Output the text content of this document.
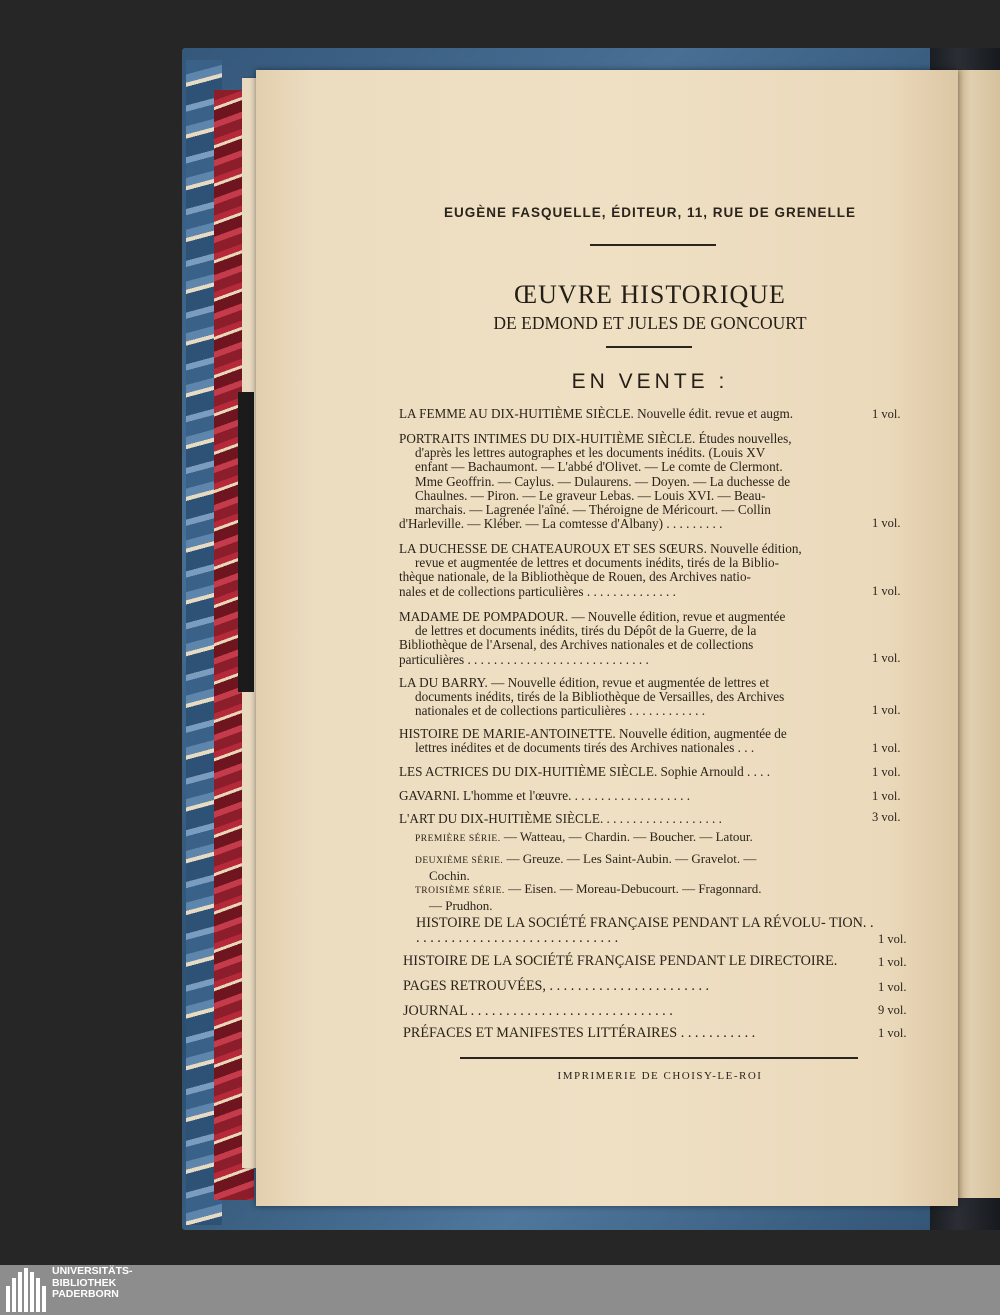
EUGÈNE FASQUELLE, ÉDITEUR, 11, RUE DE GRENELLE
ŒUVRE HISTORIQUE
DE EDMOND ET JULES DE GONCOURT
EN VENTE :
LA FEMME AU DIX-HUITIÈME SIÈCLE. Nouvelle édit. revue et augm.	1 vol.
PORTRAITS INTIMES DU DIX-HUITIÈME SIÈCLE. Études nouvelles,
d'après les lettres autographes et les documents inédits. (Louis XV
enfant — Bachaumont. — L'abbé d'Olivet. — Le comte de Clermont.
Mme Geoffrin. — Caylus. — Dulaurens. — Doyen. — La duchesse de
Chaulnes. — Piron. — Le graveur Lebas. — Louis XVI. — Beau-
marchais. — Lagrenée l'aîné. — Théroigne de Méricourt. — Collin
d'Harleville. — Kléber. — La comtesse d'Albany) . . . . . . . . .	1 vol.
LA DUCHESSE DE CHATEAUROUX ET SES SŒURS. Nouvelle édition,
revue et augmentée de lettres et documents inédits, tirés de la Biblio-
thèque nationale, de la Bibliothèque de Rouen, des Archives natio-
nales et de collections particulières . . . . . . . . . . . . . .	1 vol.
MADAME DE POMPADOUR. — Nouvelle édition, revue et augmentée
de lettres et documents inédits, tirés du Dépôt de la Guerre, de la
Bibliothèque de l'Arsenal, des Archives nationales et de collections
particulières . . . . . . . . . . . . . . . . . . . . . . . . . . . .	1 vol.
LA DU BARRY. — Nouvelle édition, revue et augmentée de lettres et
documents inédits, tirés de la Bibliothèque de Versailles, des Archives
nationales et de collections particulières . . . . . . . . . . . .	1 vol.
HISTOIRE DE MARIE-ANTOINETTE. Nouvelle édition, augmentée de
lettres inédites et de documents tirés des Archives nationales . . .	1 vol.
LES ACTRICES DU DIX-HUITIÈME SIÈCLE. Sophie Arnould . . . .	1 vol.
GAVARNI. L'homme et l'œuvre. . . . . . . . . . . . . . . . . . .	1 vol.
L'ART DU DIX-HUITIÈME SIÈCLE. . . . . . . . . . . . . . . . . . .	3 vol.
PREMIÈRE SÉRIE. — Watteau, — Chardin. — Boucher. — Latour.
DEUXIÈME SÉRIE. — Greuze. — Les Saint-Aubin. — Gravelot. —
Cochin.
TROISIÈME SÉRIE. — Eisen. — Moreau-Debucourt. — Fragonnard.
— Prudhon.
HISTOIRE DE LA SOCIÉTÉ FRANÇAISE PENDANT LA RÉVOLU- TION. . . . . . . . . . . . . . . . . . . . . . . . . . . . . . .	1 vol.
HISTOIRE DE LA SOCIÉTÉ FRANÇAISE PENDANT LE DIRECTOIRE.	1 vol.
PAGES RETROUVÉES, . . . . . . . . . . . . . . . . . . . . . . .	1 vol.
JOURNAL . . . . . . . . . . . . . . . . . . . . . . . . . . . . .	9 vol.
PRÉFACES ET MANIFESTES LITTÉRAIRES . . . . . . . . . . .	1 vol.
IMPRIMERIE DE CHOISY-LE-ROI
UNIVERSITÄTS-
BIBLIOTHEK
PADERBORN
